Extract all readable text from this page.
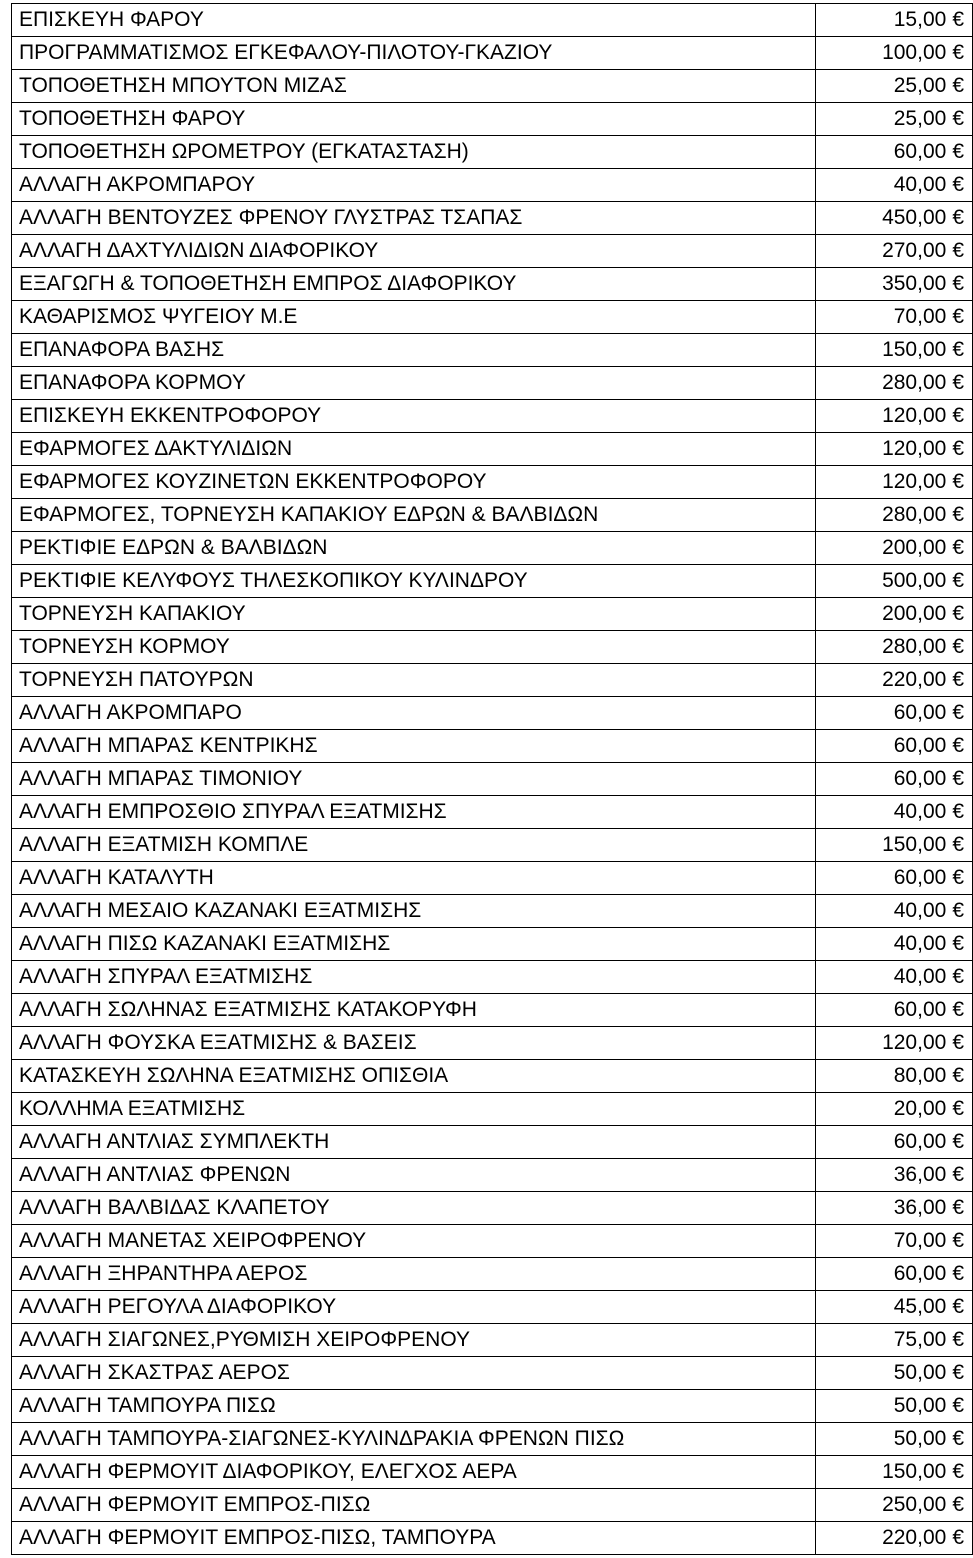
ΕΠΙΣΚΕΥΗ ΦΑΡΟΥ	15,00 €
ΠΡΟΓΡΑΜΜΑΤΙΣΜΟΣ ΕΓΚΕΦΑΛΟΥ-ΠΙΛΟΤΟΥ-ΓΚΑΖΙΟΥ	100,00 €
ΤΟΠΟΘΕΤΗΣΗ ΜΠΟΥΤΟΝ ΜΙΖΑΣ	25,00 €
ΤΟΠΟΘΕΤΗΣΗ ΦΑΡΟΥ	25,00 €
ΤΟΠΟΘΕΤΗΣΗ ΩΡΟΜΕΤΡΟΥ (ΕΓΚΑΤΑΣΤΑΣΗ)	60,00 €
ΑΛΛΑΓΗ ΑΚΡΟΜΠΑΡΟΥ	40,00 €
ΑΛΛΑΓΗ ΒΕΝΤΟΥΖΕΣ ΦΡΕΝΟΥ ΓΛΥΣΤΡΑΣ ΤΣΑΠΑΣ	450,00 €
ΑΛΛΑΓΗ ΔΑΧΤΥΛΙΔΙΩΝ ΔΙΑΦΟΡΙΚΟΥ	270,00 €
ΕΞΑΓΩΓΗ & ΤΟΠΟΘΕΤΗΣΗ ΕΜΠΡΟΣ ΔΙΑΦΟΡΙΚΟΥ	350,00 €
ΚΑΘΑΡΙΣΜΟΣ ΨΥΓΕΙΟΥ Μ.Ε	70,00 €
ΕΠΑΝΑΦΟΡΑ ΒΑΣΗΣ	150,00 €
ΕΠΑΝΑΦΟΡΑ ΚΟΡΜΟΥ	280,00 €
ΕΠΙΣΚΕΥΗ ΕΚΚΕΝΤΡΟΦΟΡΟΥ	120,00 €
ΕΦΑΡΜΟΓΕΣ ΔΑΚΤΥΛΙΔΙΩΝ	120,00 €
ΕΦΑΡΜΟΓΕΣ ΚΟΥΖΙΝΕΤΩΝ ΕΚΚΕΝΤΡΟΦΟΡΟΥ	120,00 €
ΕΦΑΡΜΟΓΕΣ, ΤΟΡΝΕΥΣΗ ΚΑΠΑΚΙΟΥ ΕΔΡΩΝ & ΒΑΛΒΙΔΩΝ	280,00 €
ΡΕΚΤΙΦΙΕ ΕΔΡΩΝ & ΒΑΛΒΙΔΩΝ	200,00 €
ΡΕΚΤΙΦΙΕ ΚΕΛΥΦΟΥΣ ΤΗΛΕΣΚΟΠΙΚΟΥ ΚΥΛΙΝΔΡΟΥ	500,00 €
ΤΟΡΝΕΥΣΗ ΚΑΠΑΚΙΟΥ	200,00 €
ΤΟΡΝΕΥΣΗ ΚΟΡΜΟΥ	280,00 €
ΤΟΡΝΕΥΣΗ ΠΑΤΟΥΡΩΝ	220,00 €
ΑΛΛΑΓΗ ΑΚΡΟΜΠΑΡΟ	60,00 €
ΑΛΛΑΓΗ ΜΠΑΡΑΣ ΚΕΝΤΡΙΚΗΣ	60,00 €
ΑΛΛΑΓΗ ΜΠΑΡΑΣ ΤΙΜΟΝΙΟΥ	60,00 €
ΑΛΛΑΓΗ ΕΜΠΡΟΣΘΙΟ ΣΠΥΡΑΛ ΕΞΑΤΜΙΣΗΣ	40,00 €
ΑΛΛΑΓΗ ΕΞΑΤΜΙΣΗ ΚΟΜΠΛΕ	150,00 €
ΑΛΛΑΓΗ ΚΑΤΑΛΥΤΗ	60,00 €
ΑΛΛΑΓΗ ΜΕΣΑΙΟ ΚΑΖΑΝΑΚΙ ΕΞΑΤΜΙΣΗΣ	40,00 €
ΑΛΛΑΓΗ ΠΙΣΩ ΚΑΖΑΝΑΚΙ ΕΞΑΤΜΙΣΗΣ	40,00 €
ΑΛΛΑΓΗ ΣΠΥΡΑΛ ΕΞΑΤΜΙΣΗΣ	40,00 €
ΑΛΛΑΓΗ ΣΩΛΗΝΑΣ ΕΞΑΤΜΙΣΗΣ ΚΑΤΑΚΟΡΥΦΗ	60,00 €
ΑΛΛΑΓΗ ΦΟΥΣΚΑ ΕΞΑΤΜΙΣΗΣ & ΒΑΣΕΙΣ	120,00 €
ΚΑΤΑΣΚΕΥΗ ΣΩΛΗΝΑ ΕΞΑΤΜΙΣΗΣ ΟΠΙΣΘΙΑ	80,00 €
ΚΟΛΛΗΜΑ ΕΞΑΤΜΙΣΗΣ	20,00 €
ΑΛΛΑΓΗ ΑΝΤΛΙΑΣ ΣΥΜΠΛΕΚΤΗ	60,00 €
ΑΛΛΑΓΗ ΑΝΤΛΙΑΣ ΦΡΕΝΩΝ	36,00 €
ΑΛΛΑΓΗ ΒΑΛΒΙΔΑΣ ΚΛΑΠΕΤΟΥ	36,00 €
ΑΛΛΑΓΗ ΜΑΝΕΤΑΣ ΧΕΙΡΟΦΡΕΝΟΥ	70,00 €
ΑΛΛΑΓΗ ΞΗΡΑΝΤΗΡΑ ΑΕΡΟΣ	60,00 €
ΑΛΛΑΓΗ ΡΕΓΟΥΛΑ ΔΙΑΦΟΡΙΚΟΥ	45,00 €
ΑΛΛΑΓΗ ΣΙΑΓΩΝΕΣ,ΡΥΘΜΙΣΗ ΧΕΙΡΟΦΡΕΝΟΥ	75,00 €
ΑΛΛΑΓΗ ΣΚΑΣΤΡΑΣ ΑΕΡΟΣ	50,00 €
ΑΛΛΑΓΗ ΤΑΜΠΟΥΡΑ ΠΙΣΩ	50,00 €
ΑΛΛΑΓΗ ΤΑΜΠΟΥΡΑ-ΣΙΑΓΩΝΕΣ-ΚΥΛΙΝΔΡΑΚΙΑ ΦΡΕΝΩΝ ΠΙΣΩ	50,00 €
ΑΛΛΑΓΗ ΦΕΡΜΟΥΙΤ ΔΙΑΦΟΡΙΚΟΥ, ΕΛΕΓΧΟΣ ΑΕΡΑ	150,00 €
ΑΛΛΑΓΗ ΦΕΡΜΟΥΙΤ ΕΜΠΡΟΣ-ΠΙΣΩ	250,00 €
ΑΛΛΑΓΗ ΦΕΡΜΟΥΙΤ ΕΜΠΡΟΣ-ΠΙΣΩ, ΤΑΜΠΟΥΡΑ	220,00 €
